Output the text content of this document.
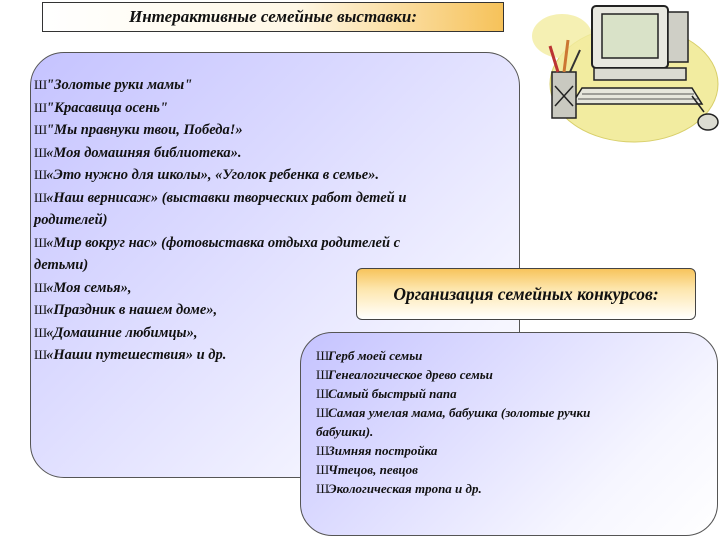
Интерактивные семейные выставки:
Ш"Золотые руки мамы"
Ш"Красавица осень"
Ш"Мы правнуки твои, Победа!»
Ш«Моя домашняя библиотека».
Ш«Это нужно для школы», «Уголок ребенка в семье».
Ш«Наш вернисаж» (выставки творческих работ детей и
родителей)
Ш«Мир вокруг нас» (фотовыставка отдыха родителей с
детьми)
Ш«Моя семья»,
Ш«Праздник в нашем доме»,
Ш«Домашние любимцы»,
Ш«Наши путешествия» и др.
Организация семейных конкурсов:
ШГерб моей семьи
ШГенеалогическое древо семьи
ШСамый быстрый папа
ШСамая умелая мама, бабушка (золотые ручки
бабушки).
ШЗимняя постройка
ШЧтецов, певцов
ШЭкологическая тропа и др.
